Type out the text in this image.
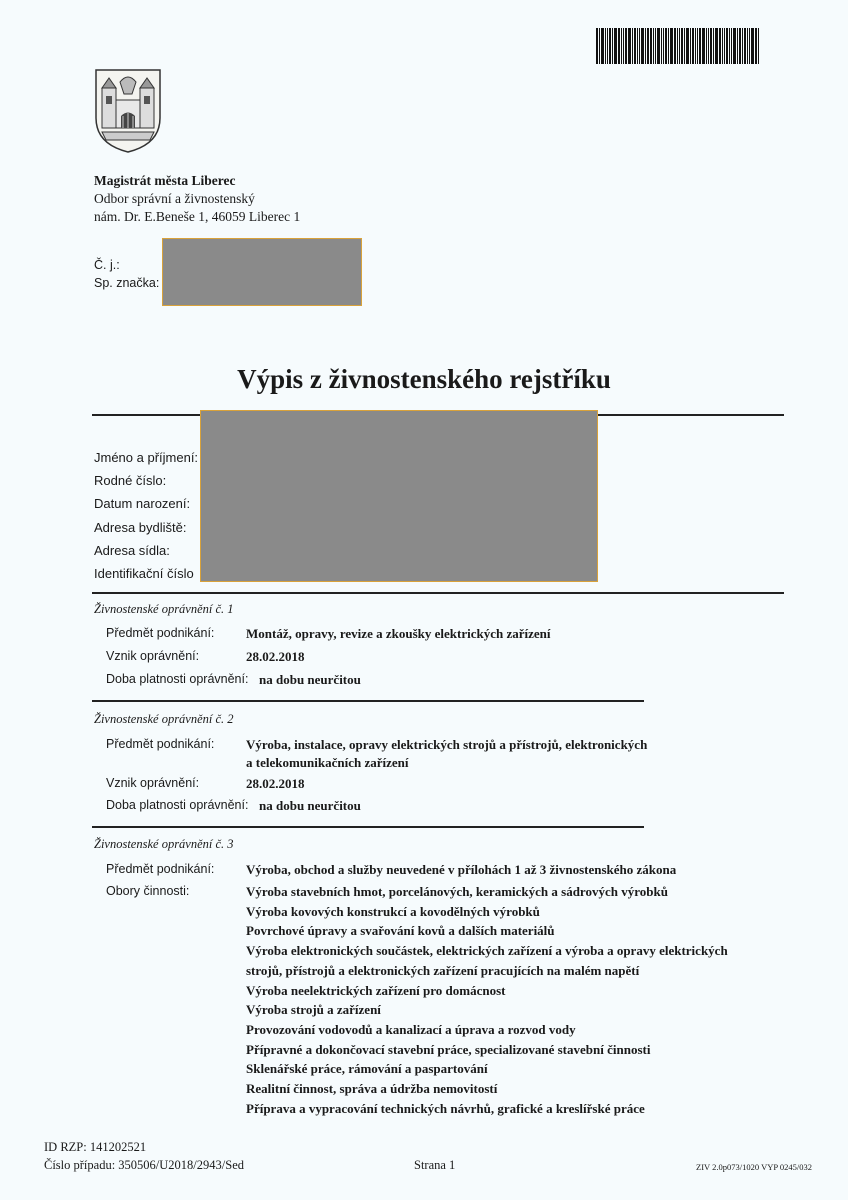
Magistrát města Liberec
Odbor správní a živnostenský
nám. Dr. E.Beneše 1, 46059 Liberec 1
Č. j.:
Sp. značka:
Výpis z živnostenského rejstříku
Jméno a příjmení:
Rodné číslo:
Datum narození:
Adresa bydliště:
Adresa sídla:
Identifikační číslo
Živnostenské oprávnění č. 1
Předmět podnikání: Montáž, opravy, revize a zkoušky elektrických zařízení
Vznik oprávnění:	28.02.2018
Doba platnosti oprávnění: na dobu neurčitou
Živnostenské oprávnění č. 2
Předmět podnikání: Výroba, instalace, opravy elektrických strojů a přístrojů, elektronických
a telekomunikačních zařízení
Vznik oprávnění:	28.02.2018
Doba platnosti oprávnění: na dobu neurčitou
Živnostenské oprávnění č. 3
Předmět podnikání: Výroba, obchod a služby neuvedené v přílohách 1 až 3 živnostenského zákona
Obory činnosti:	Výroba stavebních hmot, porcelánových, keramických a sádrových výrobků
Výroba kovových konstrukcí a kovodělných výrobků
Povrchové úpravy a svařování kovů a dalších materiálů
Výroba elektronických součástek, elektrických zařízení a výroba a opravy elektrických
strojů, přístrojů a elektronických zařízení pracujících na malém napětí
Výroba neelektrických zařízení pro domácnost
Výroba strojů a zařízení
Provozování vodovodů a kanalizací a úprava a rozvod vody
Přípravné a dokončovací stavební práce, specializované stavební činnosti
Sklenářské práce, rámování a paspartování
Realitní činnost, správa a údržba nemovitostí
Příprava a vypracování technických návrhů, grafické a kreslířské práce
ID RZP: 141202521
Číslo případu: 350506/U2018/2943/Sed	Strana 1	ZIV 2.0p073/1020 VYP 0245/032
